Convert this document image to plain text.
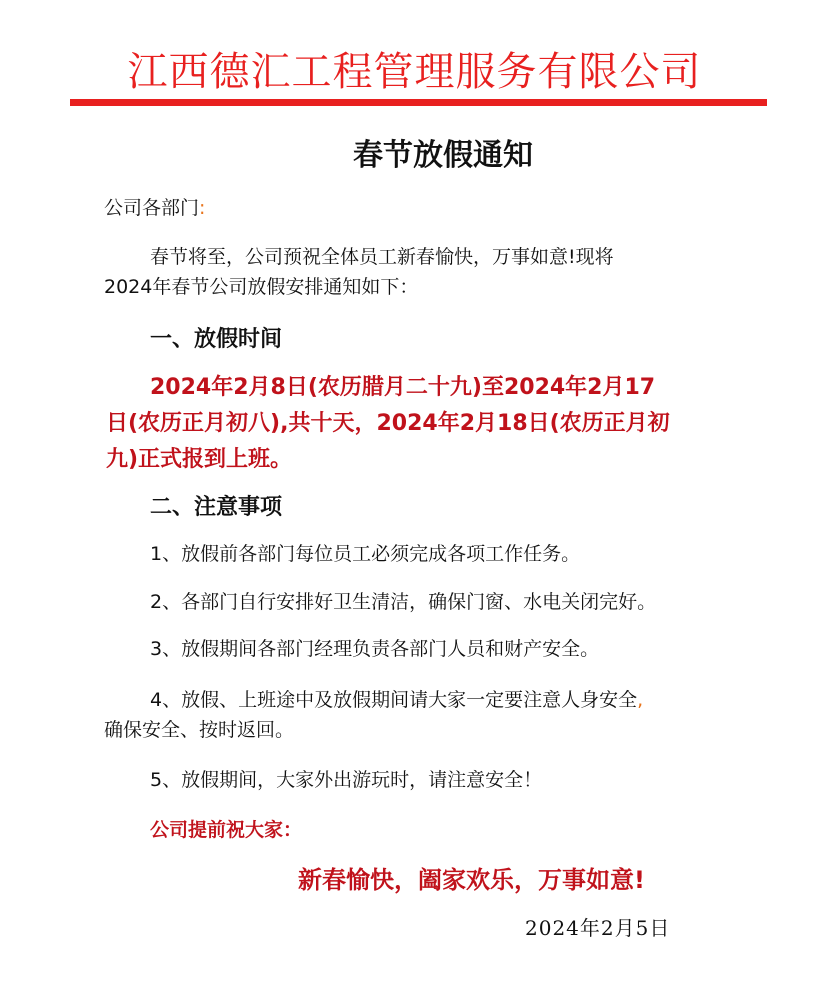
江西德汇工程管理服务有限公司
春节放假通知
公司各部门:
春节将至，公司预祝全体员工新春愉快，万事如意!现将
2024年春节公司放假安排通知如下：
一、放假时间
2024年2月8日(农历腊月二十九)至2024年2月17
日(农历正月初八),共十天，2024年2月18日(农历正月初
九)正式报到上班。
二、注意事项
1、放假前各部门每位员工必须完成各项工作任务。
2、各部门自行安排好卫生清洁，确保门窗、水电关闭完好。
3、放假期间各部门经理负责各部门人员和财产安全。
4、放假、上班途中及放假期间请大家一定要注意人身安全,
确保安全、按时返回。
5、放假期间，大家外出游玩时，请注意安全！
公司提前祝大家：
新春愉快，阖家欢乐，万事如意!
2024年2月5日
